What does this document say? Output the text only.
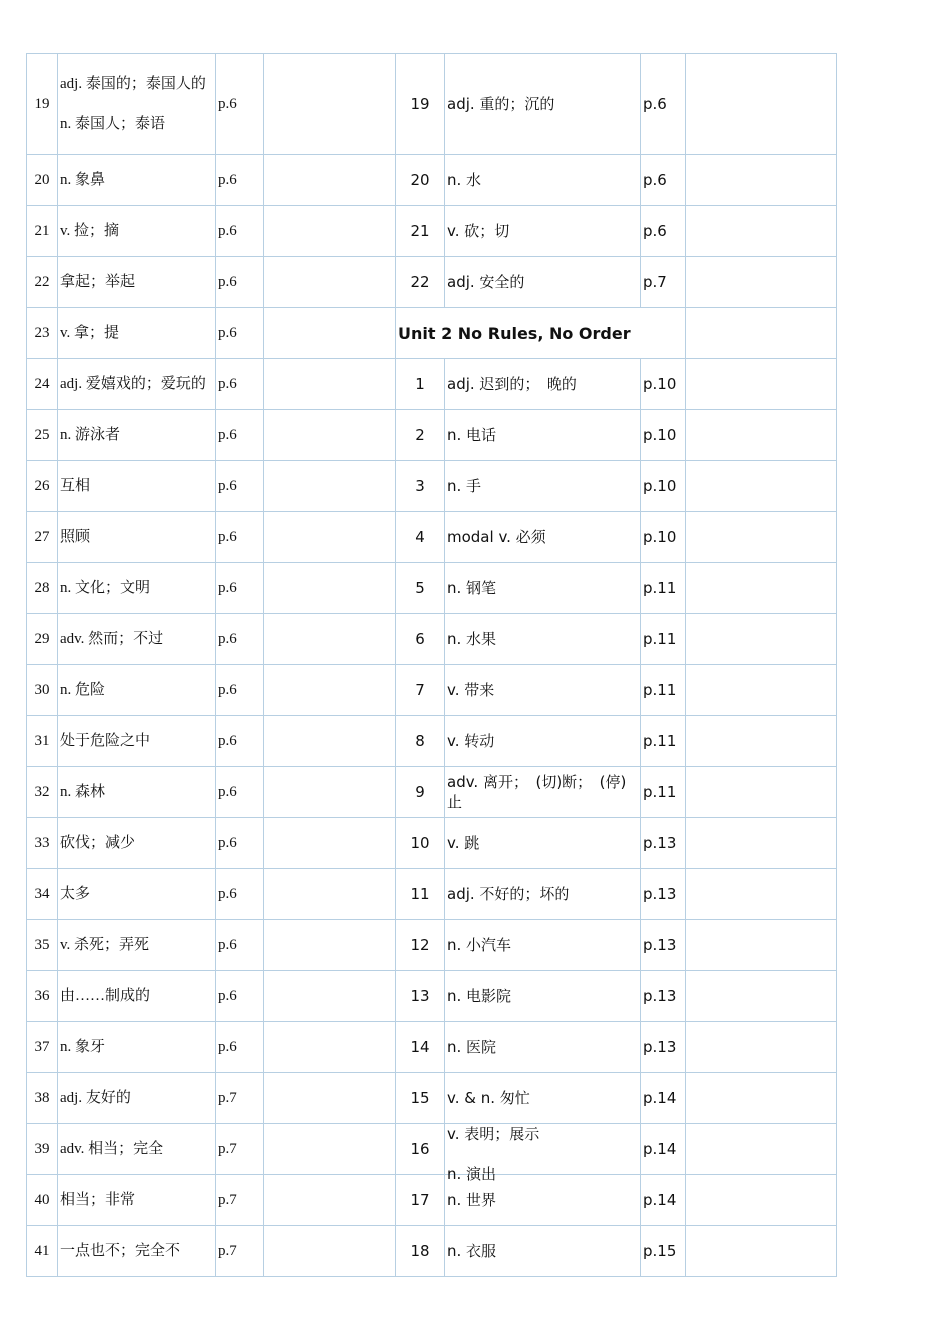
19	adj. 泰国的；泰国人的
n. 泰国人；泰语	p.6		19	adj. 重的；沉的	p.6	
20	n. 象鼻	p.6		20	n. 水	p.6	
21	v. 捡；摘	p.6		21	v. 砍；切	p.6	
22	拿起；举起	p.6		22	adj. 安全的	p.7	
23	v. 拿；提	p.6		Unit 2 No Rules, No Order			
24	adj. 爱嬉戏的；爱玩的	p.6		1	adj. 迟到的；　晚的	p.10	
25	n. 游泳者	p.6		2	n. 电话	p.10	
26	互相	p.6		3	n. 手	p.10	
27	照顾	p.6		4	modal v. 必须	p.10	
28	n. 文化；文明	p.6		5	n. 钢笔	p.11	
29	adv. 然而；不过	p.6		6	n. 水果	p.11	
30	n. 危险	p.6		7	v. 带来	p.11	
31	处于危险之中	p.6		8	v. 转动	p.11	
32	n. 森林	p.6		9	adv. 离开；　(切)断；　(停)止	p.11	
33	砍伐；减少	p.6		10	v. 跳	p.13	
34	太多	p.6		11	adj. 不好的；坏的	p.13	
35	v. 杀死；弄死	p.6		12	n. 小汽车	p.13	
36	由……制成的	p.6		13	n. 电影院	p.13	
37	n. 象牙	p.6		14	n. 医院	p.13	
38	adj. 友好的	p.7		15	v. & n. 匆忙	p.14	
39	adv. 相当；完全	p.7		16	v. 表明；展示
n. 演出	p.14	
40	相当；非常	p.7		17	n. 世界	p.14	
41	一点也不；完全不	p.7		18	n. 衣服	p.15	
